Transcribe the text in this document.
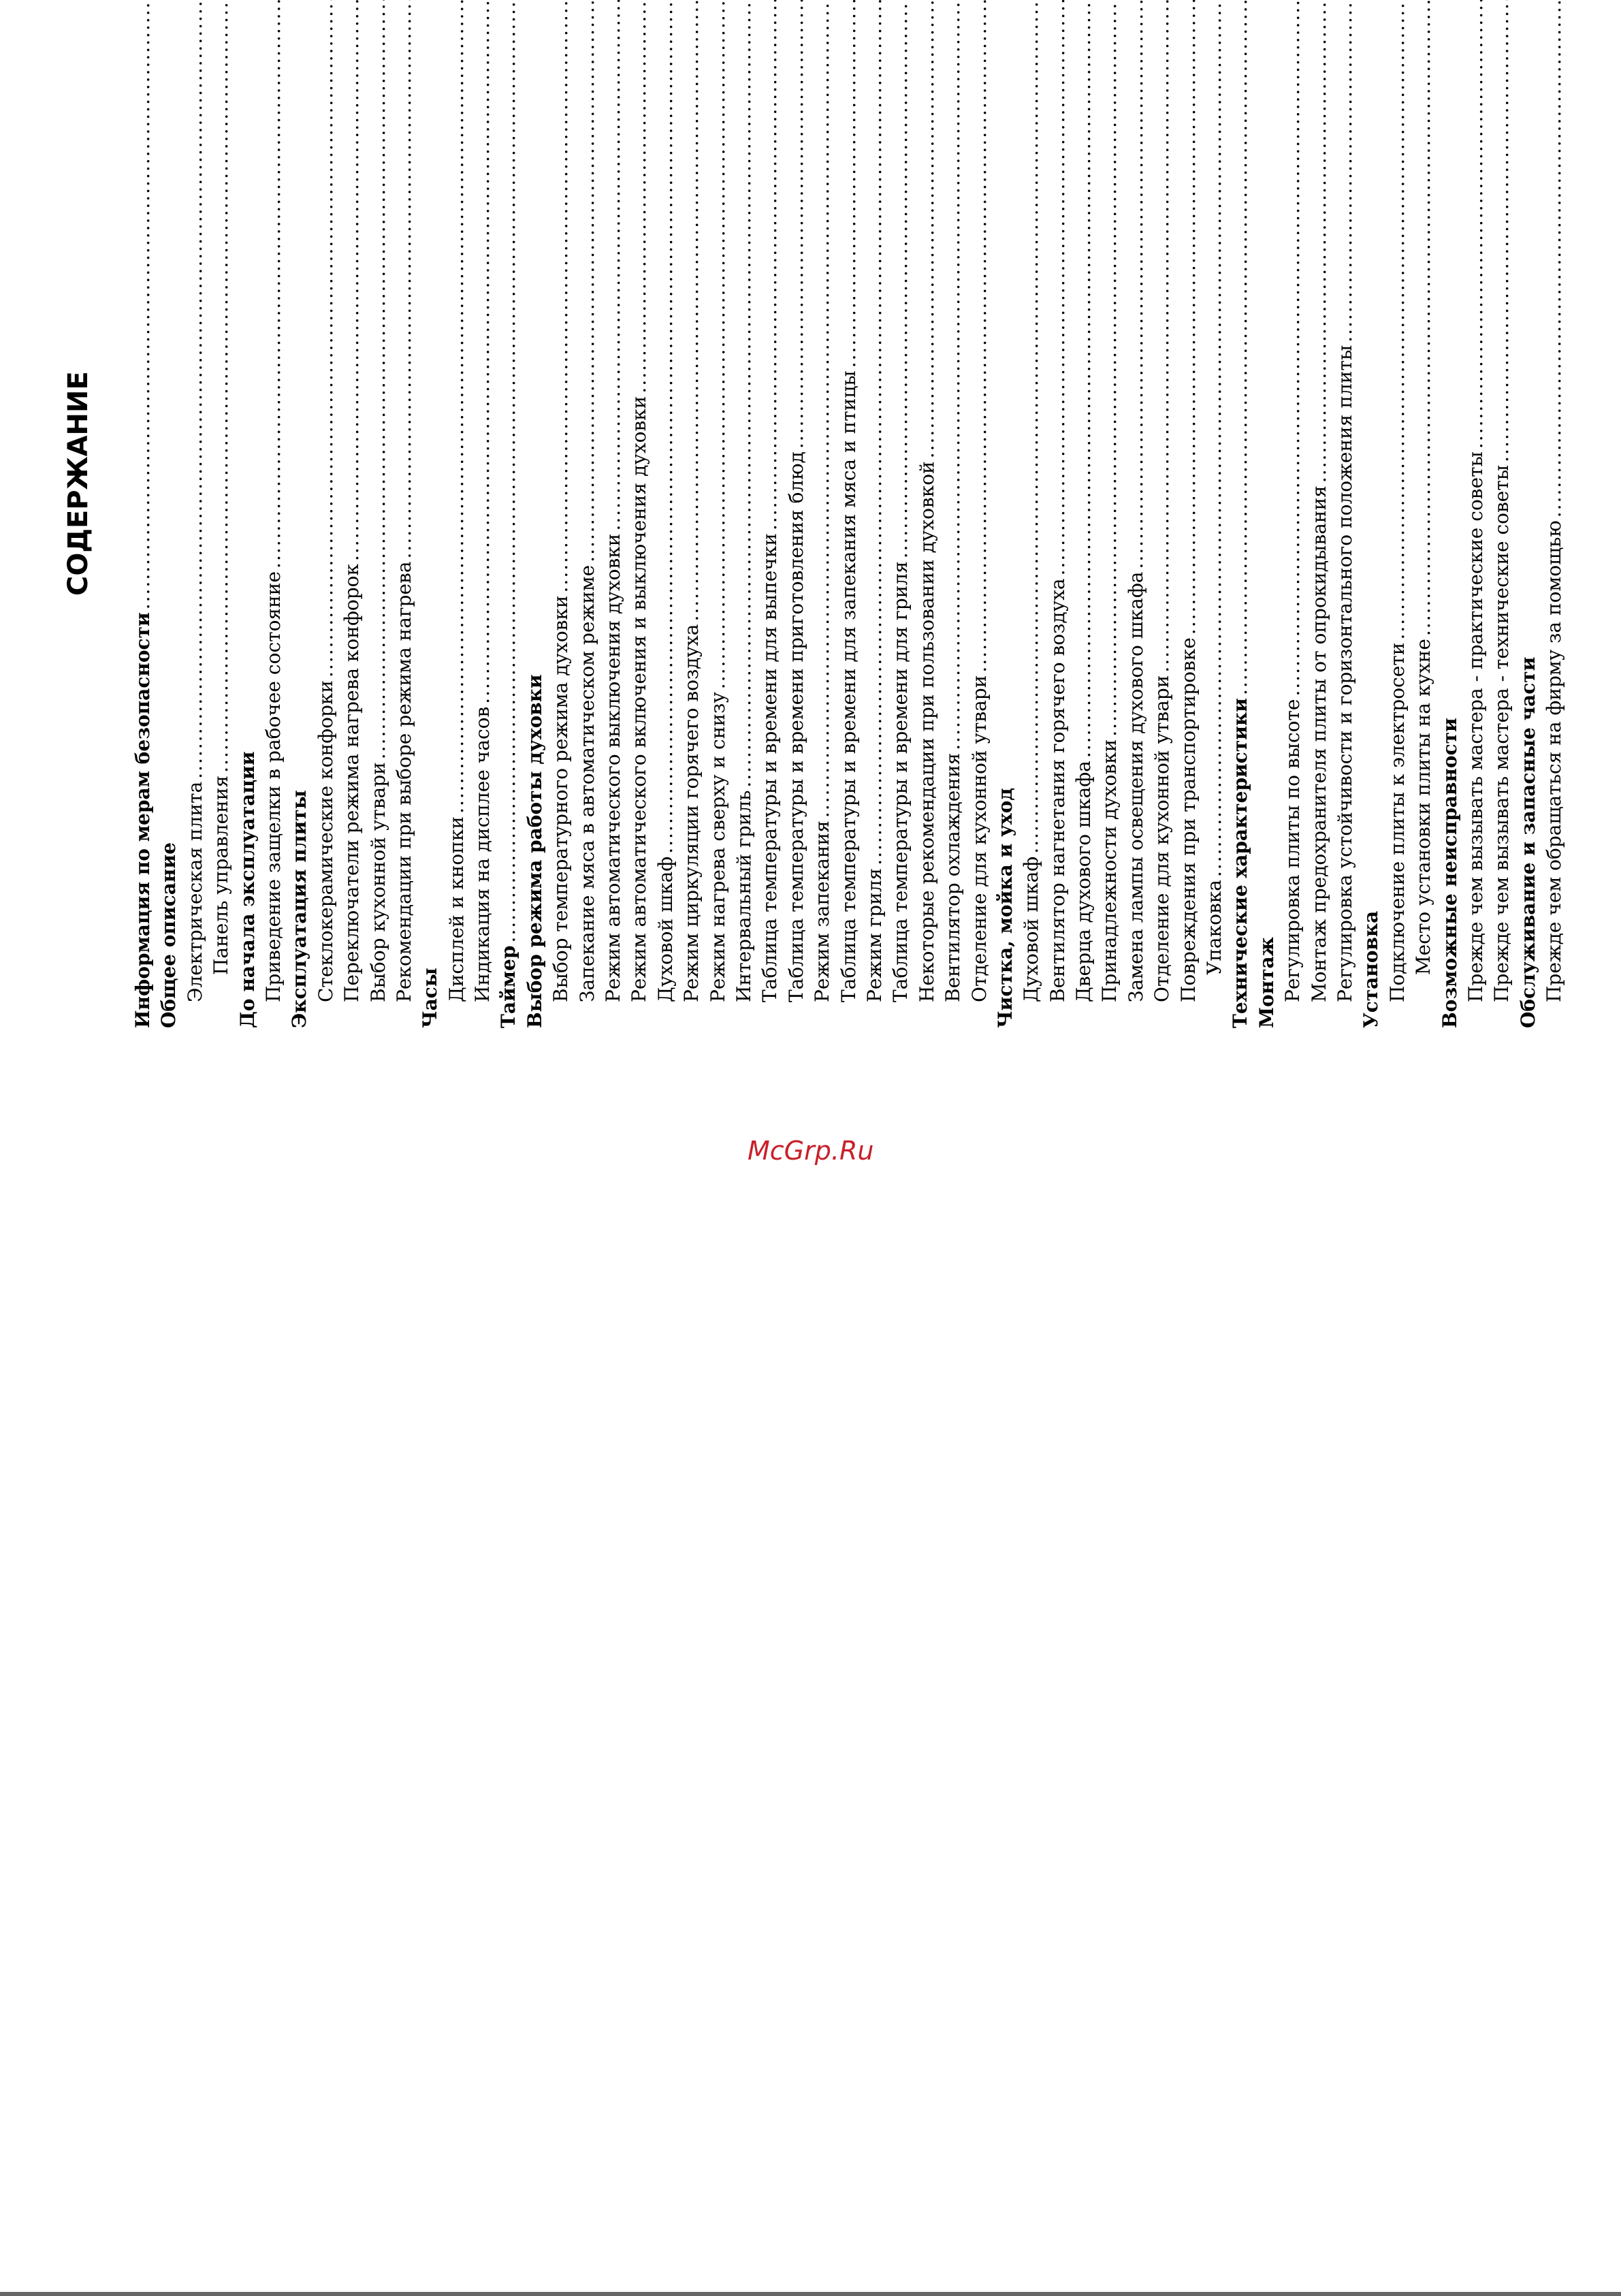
СОДЕРЖАНИЕ
Информация по мерам безопасности
..... Общее описание Электрическая плита
..... Панель управления
..... До начала эксплуатации Приведение защелки в рабочее состояние
..... Эксплуатация плиты Стеклокерамические конфорки
..... Переключатели режима нагрева конфорок
..... Выбор кухонной утвари
..... Рекомендации при выборе режима нагрева
..... Часы Дисплей и кнопки
..... Индикация на дисплее часов
..... Таймер ..... Выбор режима работы духовки Выбор температурного режима духовки
..... Запекание мяса в автоматическом режиме
..... Режим автоматического выключения духовки
..... Режим автоматического включения и выключения духовки
..... Духовой шкаф ..... Режим циркуляции горячего воздуха
..... Режим нагрева сверху и снизу
..... Интервальный гриль ..... Таблица температуры и времени для выпечки
..... Таблица температуры и времени приготовления блюд
..... Режим запекания ..... Таблица температуры и времени для запекания мяса и птицы
..... Режим гриля ..... Таблица температуры и времени для гриля
..... Некоторые рекомендации при пользовании духовкой
..... Вентилятор охлаждения
..... Отделение для кухонной утвари
..... Чистка, мойка и уход Духовой шкаф ..... Вентилятор нагнетания горячего воздуха
..... Дверца духового шкафа
..... Принадлежности духовки
..... Замена лампы освещения духового шкафа
..... Отделение для кухонной утвари
..... Повреждения при транспортировке
..... Упаковка ..... Технические характеристики
..... Монтаж Регулировка плиты по высоте
..... Монтаж предохранителя плиты от опрокидывания
..... Регулировка устойчивости и горизонтального положения плиты
..... Установка Подключение плиты к электросети
..... Место установки плиты на кухне
..... Возможные неисправности Прежде чем вызывать мастера - практические советы
..... Прежде чем вызывать мастера - технические советы
..... Обслуживание и запасные части Прежде чем обращаться на фирму за помощью
.....
McGrp.Ru
